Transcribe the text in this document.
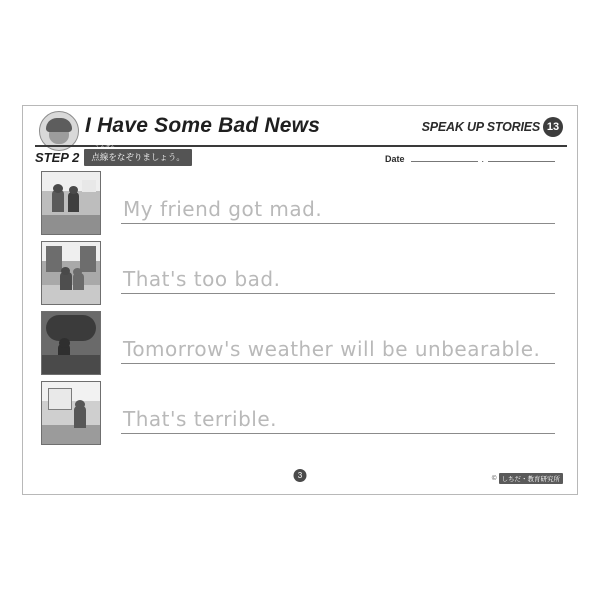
I Have Some Bad News	SPEAK UP STORIES 13
STEP 2
てんせん
点線をなぞりましょう。	Date	.
My friend got mad.
That's too bad.
Tomorrow's weather will be unbearable.
That's terrible.
3	© しちだ・教育研究所
